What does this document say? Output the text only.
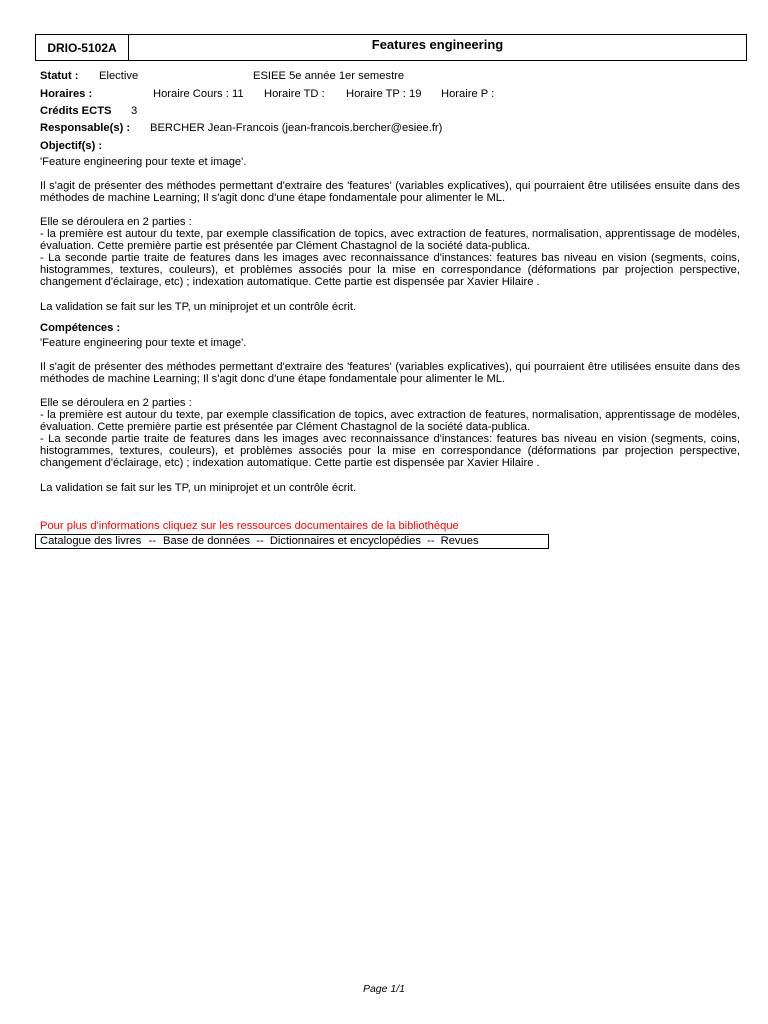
DRIO-5102A	Features engineering
Statut : Elective	ESIEE 5e année 1er semestre
Horaires :	Horaire Cours : 11 Horaire TD : Horaire TP : 19 Horaire P :
Crédits ECTS 3
Responsable(s) : BERCHER Jean-Francois (jean-francois.bercher@esiee.fr)
Objectif(s) :
'Feature engineering pour texte et image'.
Il s'agit de présenter des méthodes permettant d'extraire des 'features' (variables explicatives), qui pourraient être utilisées ensuite dans des méthodes de machine Learning; Il s'agit donc d'une étape fondamentale pour alimenter le ML.
Elle se déroulera en 2 parties :
- la première est autour du texte, par exemple classification de topics, avec extraction de features, normalisation, apprentissage de modèles, évaluation. Cette première partie est présentée par Clément Chastagnol de la société data-publica.
- La seconde partie traite de features dans les images avec reconnaissance d'instances: features bas niveau en vision (segments, coins, histogrammes, textures, couleurs), et problèmes associés pour la mise en correspondance (déformations par projection perspective, changement d'éclairage, etc) ; indexation automatique. Cette partie est dispensée par Xavier Hilaire .
La validation se fait sur les TP, un miniprojet et un contrôle écrit.
Compétences :
'Feature engineering pour texte et image'.
Il s'agit de présenter des méthodes permettant d'extraire des 'features' (variables explicatives), qui pourraient être utilisées ensuite dans des méthodes de machine Learning; Il s'agit donc d'une étape fondamentale pour alimenter le ML.
Elle se déroulera en 2 parties :
- la première est autour du texte, par exemple classification de topics, avec extraction de features, normalisation, apprentissage de modèles, évaluation. Cette première partie est présentée par Clément Chastagnol de la société data-publica.
- La seconde partie traite de features dans les images avec reconnaissance d'instances: features bas niveau en vision (segments, coins, histogrammes, textures, couleurs), et problèmes associés pour la mise en correspondance (déformations par projection perspective, changement d'éclairage, etc) ; indexation automatique. Cette partie est dispensée par Xavier Hilaire .
La validation se fait sur les TP, un miniprojet et un contrôle écrit.
Pour plus d'informations cliquez sur les ressources documentaires de la bibliothèque
Catalogue des livres -- Base de données -- Dictionnaires et encyclopédies -- Revues
Page 1/1
